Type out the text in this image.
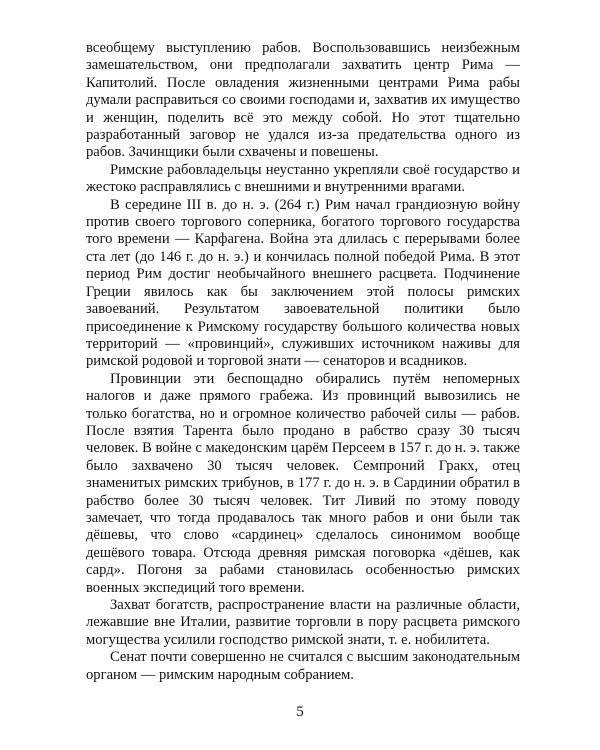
всеобщему выступлению рабов. Воспользовавшись неизбежным замешательством, они предполагали захватить центр Рима — Капитолий. После овладения жизненными центрами Рима рабы думали расправиться со своими господами и, захватив их имущество и женщин, поделить всё это между собой. Но этот тщательно разработанный заговор не удался из-за предательства одного из рабов. Зачинщики были схвачены и повешены.

Римские рабовладельцы неустанно укрепляли своё государство и жестоко расправлялись с внешними и внутренними врагами.

В середине III в. до н. э. (264 г.) Рим начал грандиозную войну против своего торгового соперника, богатого торгового государства того времени — Карфагена. Война эта длилась с перерывами более ста лет (до 146 г. до н. э.) и кончилась полной победой Рима. В этот период Рим достиг необычайного внешнего расцвета. Подчинение Греции явилось как бы заключением этой полосы римских завоеваний. Результатом завоевательной политики было присоединение к Римскому государству большого количества новых территорий — «провинций», служивших источником наживы для римской родовой и торговой знати — сенаторов и всадников.

Провинции эти беспощадно обирались путём непомерных налогов и даже прямого грабежа. Из провинций вывозились не только богатства, но и огромное количество рабочей силы — рабов. После взятия Тарента было продано в рабство сразу 30 тысяч человек. В войне с македонским царём Персеем в 157 г. до н. э. также было захвачено 30 тысяч человек. Семпроний Гракх, отец знаменитых римских трибунов, в 177 г. до н. э. в Сардинии обратил в рабство более 30 тысяч человек. Тит Ливий по этому поводу замечает, что тогда продавалось так много рабов и они были так дёшевы, что слово «сардинец» сделалось синонимом вообще дешёвого товара. Отсюда древняя римская поговорка «дёшев, как сард». Погоня за рабами становилась особенностью римских военных экспедиций того времени.

Захват богатств, распространение власти на различные области, лежавшие вне Италии, развитие торговли в пору расцвета римского могущества усилили господство римской знати, т. е. нобилитета.

Сенат почти совершенно не считался с высшим законодательным органом — римским народным собранием.

5
